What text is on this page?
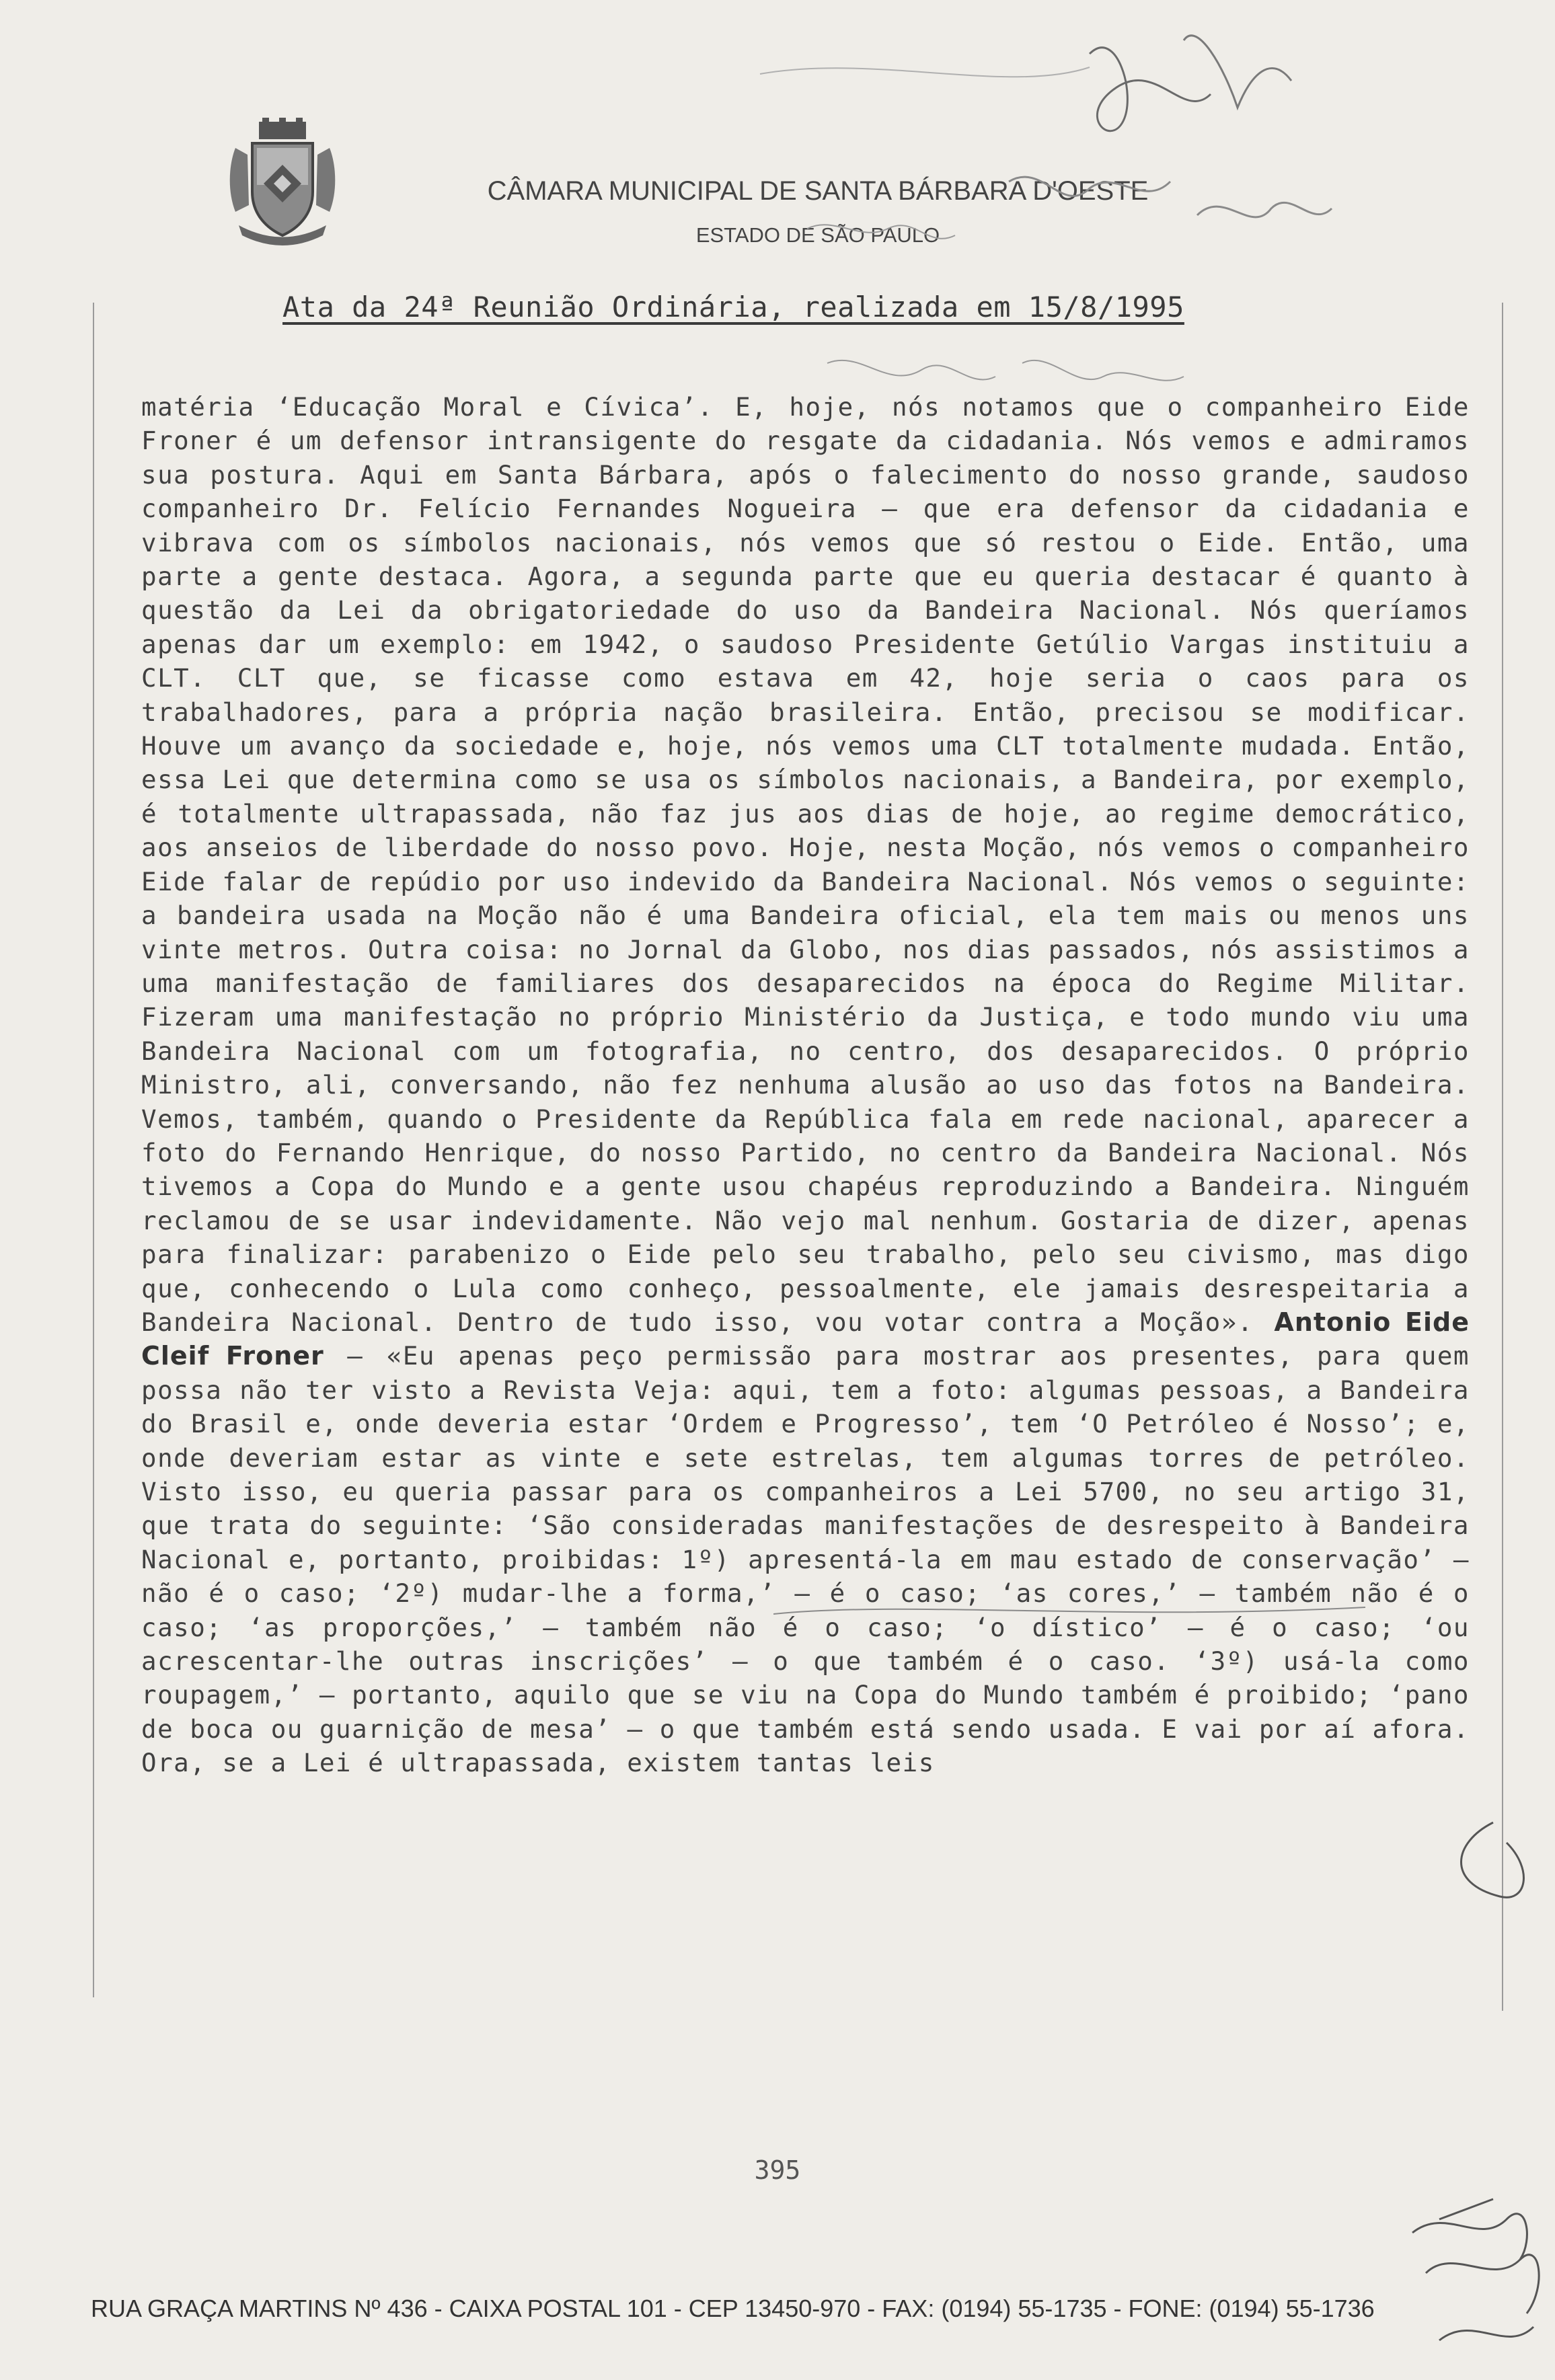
CÂMARA MUNICIPAL DE SANTA BÁRBARA D'OESTE
ESTADO DE SÃO PAULO
Ata da 24ª Reunião Ordinária, realizada em 15/8/1995

matéria ‘Educação Moral e Cívica’. E, hoje, nós notamos que o companheiro Eide Froner é um defensor intransigente do resgate da cidadania. Nós vemos e admiramos sua postura. Aqui em Santa Bárbara, após o falecimento do nosso grande, saudoso companheiro Dr. Felício Fernandes Nogueira – que era defensor da cidadania e vibrava com os símbolos nacionais, nós vemos que só restou o Eide. Então, uma parte a gente destaca. Agora, a segunda parte que eu queria destacar é quanto à questão da Lei da obrigatoriedade do uso da Bandeira Nacional. Nós queríamos apenas dar um exemplo: em 1942, o saudoso Presidente Getúlio Vargas instituiu a CLT. CLT que, se ficasse como estava em 42, hoje seria o caos para os trabalhadores, para a própria nação brasileira. Então, precisou se modificar. Houve um avanço da sociedade e, hoje, nós vemos uma CLT totalmente mudada. Então, essa Lei que determina como se usa os símbolos nacionais, a Bandeira, por exemplo, é totalmente ultrapassada, não faz jus aos dias de hoje, ao regime democrático, aos anseios de liberdade do nosso povo. Hoje, nesta Moção, nós vemos o companheiro Eide falar de repúdio por uso indevido da Bandeira Nacional. Nós vemos o seguinte: a bandeira usada na Moção não é uma Bandeira oficial, ela tem mais ou menos uns vinte metros. Outra coisa: no Jornal da Globo, nos dias passados, nós assistimos a uma manifestação de familiares dos desaparecidos na época do Regime Militar. Fizeram uma manifestação no próprio Ministério da Justiça, e todo mundo viu uma Bandeira Nacional com um fotografia, no centro, dos desaparecidos. O próprio Ministro, ali, conversando, não fez nenhuma alusão ao uso das fotos na Bandeira. Vemos, também, quando o Presidente da República fala em rede nacional, aparecer a foto do Fernando Henrique, do nosso Partido, no centro da Bandeira Nacional. Nós tivemos a Copa do Mundo e a gente usou chapéus reproduzindo a Bandeira. Ninguém reclamou de se usar indevidamente. Não vejo mal nenhum. Gostaria de dizer, apenas para finalizar: parabenizo o Eide pelo seu trabalho, pelo seu civismo, mas digo que, conhecendo o Lula como conheço, pessoalmente, ele jamais desrespeitaria a Bandeira Nacional. Dentro de tudo isso, vou votar contra a Moção». Antonio Eide Cleif Froner – «Eu apenas peço permissão para mostrar aos presentes, para quem possa não ter visto a Revista Veja: aqui, tem a foto: algumas pessoas, a Bandeira do Brasil e, onde deveria estar ‘Ordem e Progresso’, tem ‘O Petróleo é Nosso’; e, onde deveriam estar as vinte e sete estrelas, tem algumas torres de petróleo. Visto isso, eu queria passar para os companheiros a Lei 5700, no seu artigo 31, que trata do seguinte: ‘São consideradas manifestações de desrespeito à Bandeira Nacional e, portanto, proibidas: 1º) apresentá-la em mau estado de conservação’ – não é o caso; ‘2º) mudar-lhe a forma,’ – é o caso; ‘as cores,’ – também não é o caso; ‘as proporções,’ – também não é o caso; ‘o dístico’ – é o caso; ‘ou acrescentar-lhe outras inscrições’ – o que também é o caso. ‘3º) usá-la como roupagem,’ – portanto, aquilo que se viu na Copa do Mundo também é proibido; ‘pano de boca ou guarnição de mesa’ – o que também está sendo usada. E vai por aí afora. Ora, se a Lei é ultrapassada, existem tantas leis

395
RUA GRAÇA MARTINS Nº 436 - CAIXA POSTAL 101 - CEP 13450-970 - FAX: (0194) 55-1735 - FONE: (0194) 55-1736
